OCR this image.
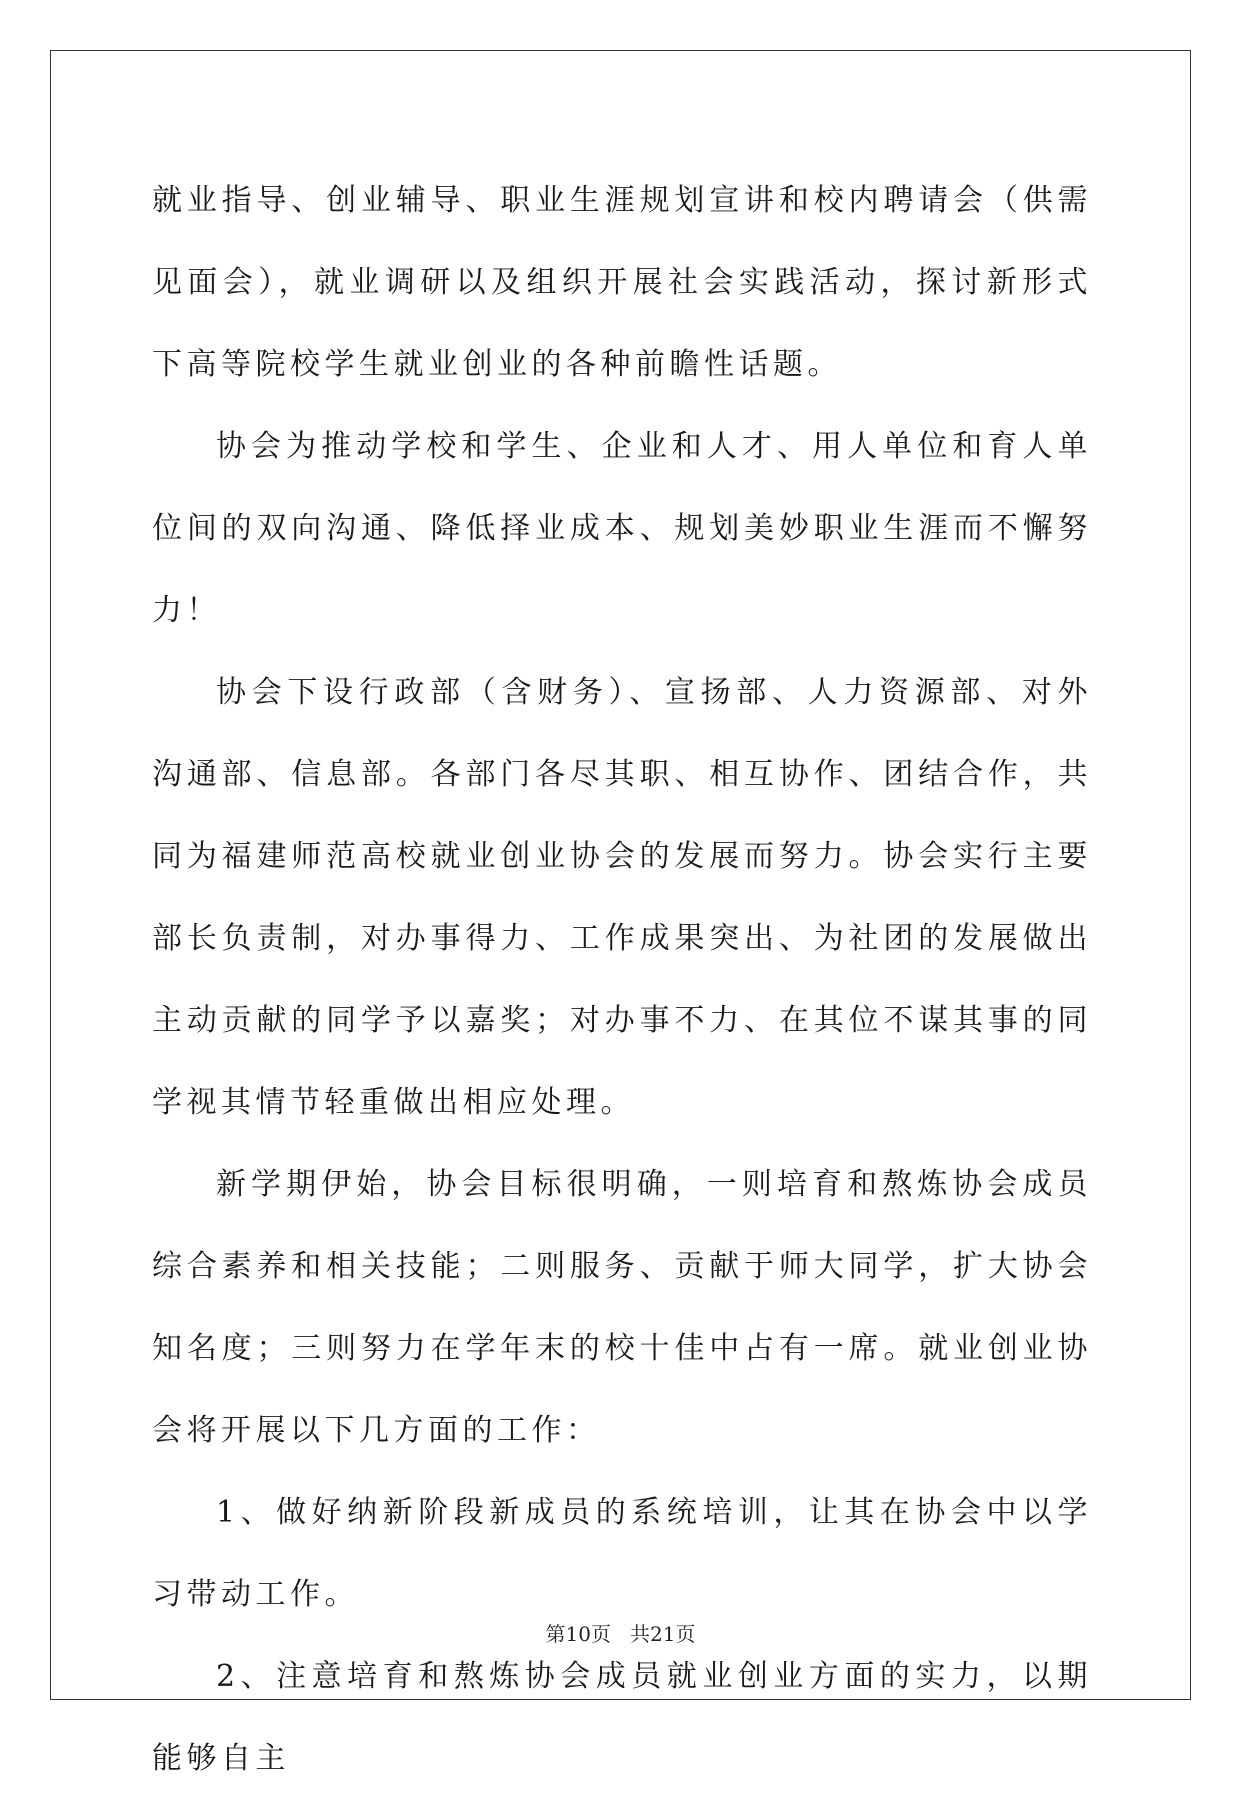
就业指导、创业辅导、职业生涯规划宣讲和校内聘请会（供需见面会），就业调研以及组织开展社会实践活动，探讨新形式下高等院校学生就业创业的各种前瞻性话题。

协会为推动学校和学生、企业和人才、用人单位和育人单位间的双向沟通、降低择业成本、规划美妙职业生涯而不懈努力！

协会下设行政部（含财务）、宣扬部、人力资源部、对外沟通部、信息部。各部门各尽其职、相互协作、团结合作，共同为福建师范高校就业创业协会的发展而努力。协会实行主要部长负责制，对办事得力、工作成果突出、为社团的发展做出主动贡献的同学予以嘉奖；对办事不力、在其位不谋其事的同学视其情节轻重做出相应处理。

新学期伊始，协会目标很明确，一则培育和熬炼协会成员综合素养和相关技能；二则服务、贡献于师大同学，扩大协会知名度；三则努力在学年末的校十佳中占有一席。就业创业协会将开展以下几方面的工作：

1、做好纳新阶段新成员的系统培训，让其在协会中以学习带动工作。

2、注意培育和熬炼协会成员就业创业方面的实力，以期能够自主

第10页 共21页
